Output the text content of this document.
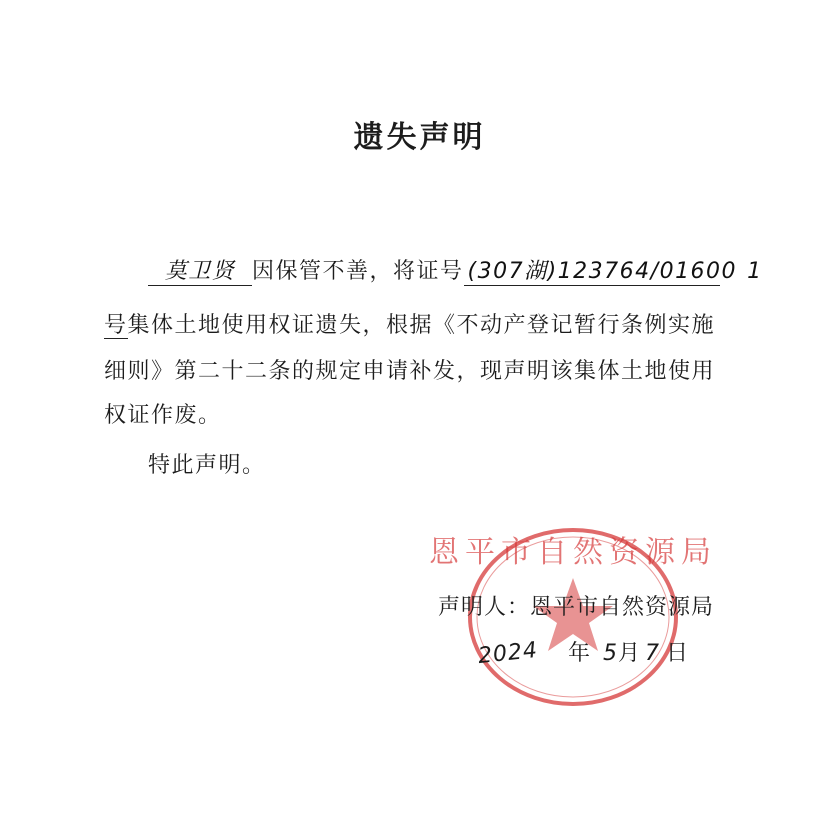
遗失声明
莫卫贤 因保管不善，将证号 (307湖)123764/01600 1
号集体土地使用权证遗失，根据《不动产登记暂行条例实施
细则》第二十二条的规定申请补发，现声明该集体土地使用
权证作废。
特此声明。
恩平市自然资源局
声明人：恩平市自然资源局
2024 年 5月 7 日
